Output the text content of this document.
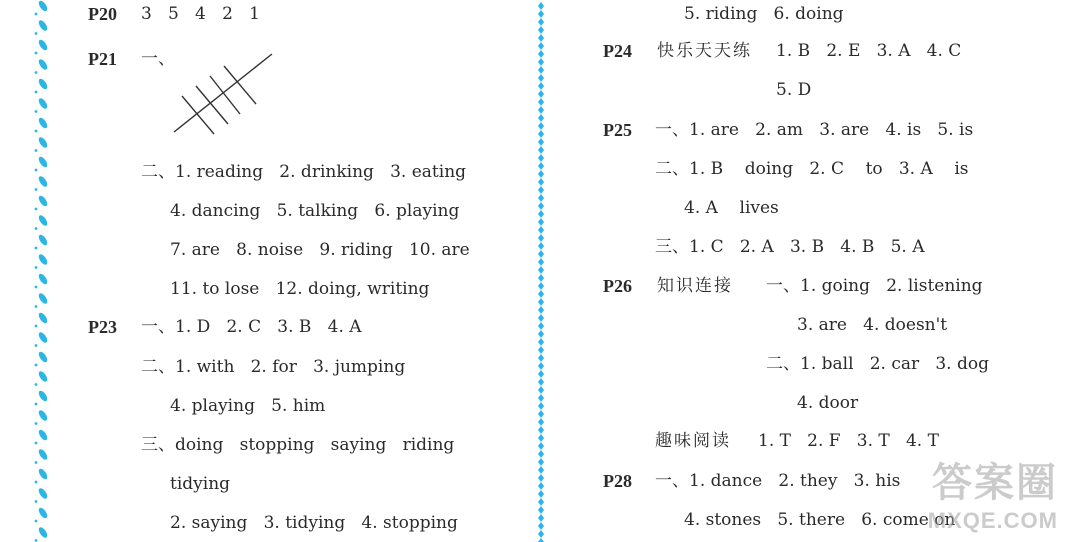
P20 3   5   4   2   1
P21 一、
二、1. reading   2. drinking   3. eating
4. dancing   5. talking   6. playing
7. are   8. noise   9. riding   10. are
11. to lose   12. doing, writing
P23 一、1. D   2. C   3. B   4. A
二、1. with   2. for   3. jumping
4. playing   5. him
三、doing   stopping   saying   riding
tidying
2. saying   3. tidying   4. stopping
5. riding   6. doing
P24 快乐天天练 1. B   2. E   3. A   4. C
5. D
P25 一、1. are   2. am   3. are   4. is   5. is
二、1. B    doing   2. C    to   3. A    is
4. A    lives
三、1. C   2. A   3. B   4. B   5. A
P26 知识连接 一、1. going   2. listening
3. are   4. doesn't
二、1. ball   2. car   3. dog
4. door
趣味阅读 1. T   2. F   3. T   4. T
P28 一、1. dance   2. they   3. his
4. stones   5. there   6. come on
答案圈
MXQE.COM
